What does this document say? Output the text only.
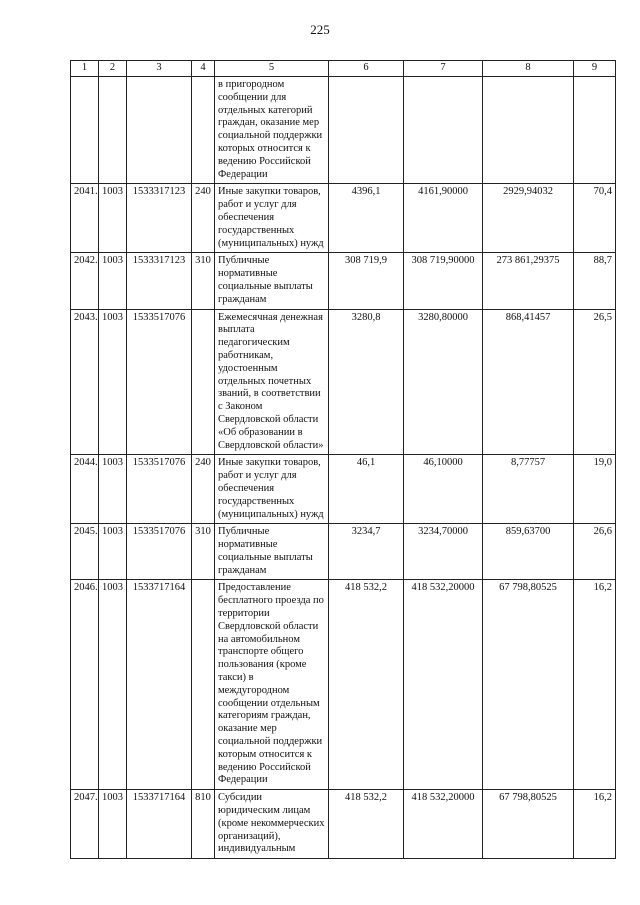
225
1	2	3	4	5	6	7	8	9
				в пригородном сообщении для отдельных категорий граждан, оказание мер социальной поддержки которых относится к ведению Российской Федерации				
2041.	1003	1533317123	240	Иные закупки товаров, работ и услуг для обеспечения государственных (муниципальных) нужд	4396,1	4161,90000	2929,94032	70,4
2042.	1003	1533317123	310	Публичные нормативные социальные выплаты гражданам	308 719,9	308 719,90000	273 861,29375	88,7
2043.	1003	1533517076		Ежемесячная денежная выплата педагогическим работникам, удостоенным отдельных почетных званий, в соответствии с Законом Свердловской области «Об образовании в Свердловской области»	3280,8	3280,80000	868,41457	26,5
2044.	1003	1533517076	240	Иные закупки товаров, работ и услуг для обеспечения государственных (муниципальных) нужд	46,1	46,10000	8,77757	19,0
2045.	1003	1533517076	310	Публичные нормативные социальные выплаты гражданам	3234,7	3234,70000	859,63700	26,6
2046.	1003	1533717164		Предоставление бесплатного проезда по территории Свердловской области на автомобильном транспорте общего пользования (кроме такси) в междугородном сообщении отдельным категориям граждан, оказание мер социальной поддержки которым относится к ведению Российской Федерации	418 532,2	418 532,20000	67 798,80525	16,2
2047.	1003	1533717164	810	Субсидии юридическим лицам (кроме некоммерческих организаций), индивидуальным	418 532,2	418 532,20000	67 798,80525	16,2
